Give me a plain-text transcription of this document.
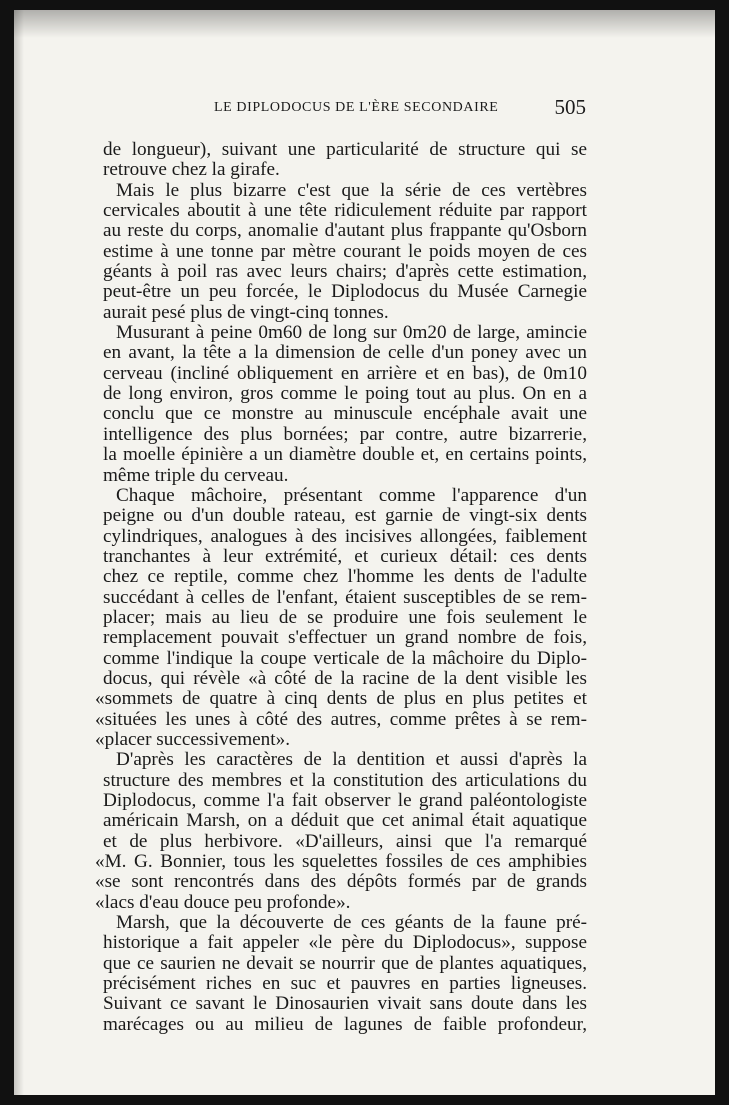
LE DIPLODOCUS DE L'ÈRE SECONDAIRE	505

de longueur), suivant une particularité de structure qui se

retrouve chez la girafe.

Mais le plus bizarre c'est que la série de ces vertèbres

cervicales aboutit à une tête ridiculement réduite par rapport

au reste du corps, anomalie d'autant plus frappante qu'Osborn

estime à une tonne par mètre courant le poids moyen de ces

géants à poil ras avec leurs chairs; d'après cette estimation,

peut-être un peu forcée, le Diplodocus du Musée Carnegie

aurait pesé plus de vingt-cinq tonnes.

Musurant à peine 0m60 de long sur 0m20 de large, amincie

en avant, la tête a la dimension de celle d'un poney avec un

cerveau (incliné obliquement en arrière et en bas), de 0m10

de long environ, gros comme le poing tout au plus. On en a

conclu que ce monstre au minuscule encéphale avait une

intelligence des plus bornées; par contre, autre bizarrerie,

la moelle épinière a un diamètre double et, en certains points,

même triple du cerveau.

Chaque mâchoire, présentant comme l'apparence d'un

peigne ou d'un double rateau, est garnie de vingt-six dents

cylindriques, analogues à des incisives allongées, faiblement

tranchantes à leur extrémité, et curieux détail: ces dents

chez ce reptile, comme chez l'homme les dents de l'adulte

succédant à celles de l'enfant, étaient susceptibles de se rem-

placer; mais au lieu de se produire une fois seulement le

remplacement pouvait s'effectuer un grand nombre de fois,

comme l'indique la coupe verticale de la mâchoire du Diplo-

docus, qui révèle «à côté de la racine de la dent visible les

«sommets de quatre à cinq dents de plus en plus petites et

«situées les unes à côté des autres, comme prêtes à se rem-

«placer successivement».

D'après les caractères de la dentition et aussi d'après la

structure des membres et la constitution des articulations du

Diplodocus, comme l'a fait observer le grand paléontologiste

américain Marsh, on a déduit que cet animal était aquatique

et de plus herbivore. «D'ailleurs, ainsi que l'a remarqué

«M. G. Bonnier, tous les squelettes fossiles de ces amphibies

«se sont rencontrés dans des dépôts formés par de grands

«lacs d'eau douce peu profonde».

Marsh, que la découverte de ces géants de la faune pré-

historique a fait appeler «le père du Diplodocus», suppose

que ce saurien ne devait se nourrir que de plantes aquatiques,

précisément riches en suc et pauvres en parties ligneuses.

Suivant ce savant le Dinosaurien vivait sans doute dans les

marécages ou au milieu de lagunes de faible profondeur,
